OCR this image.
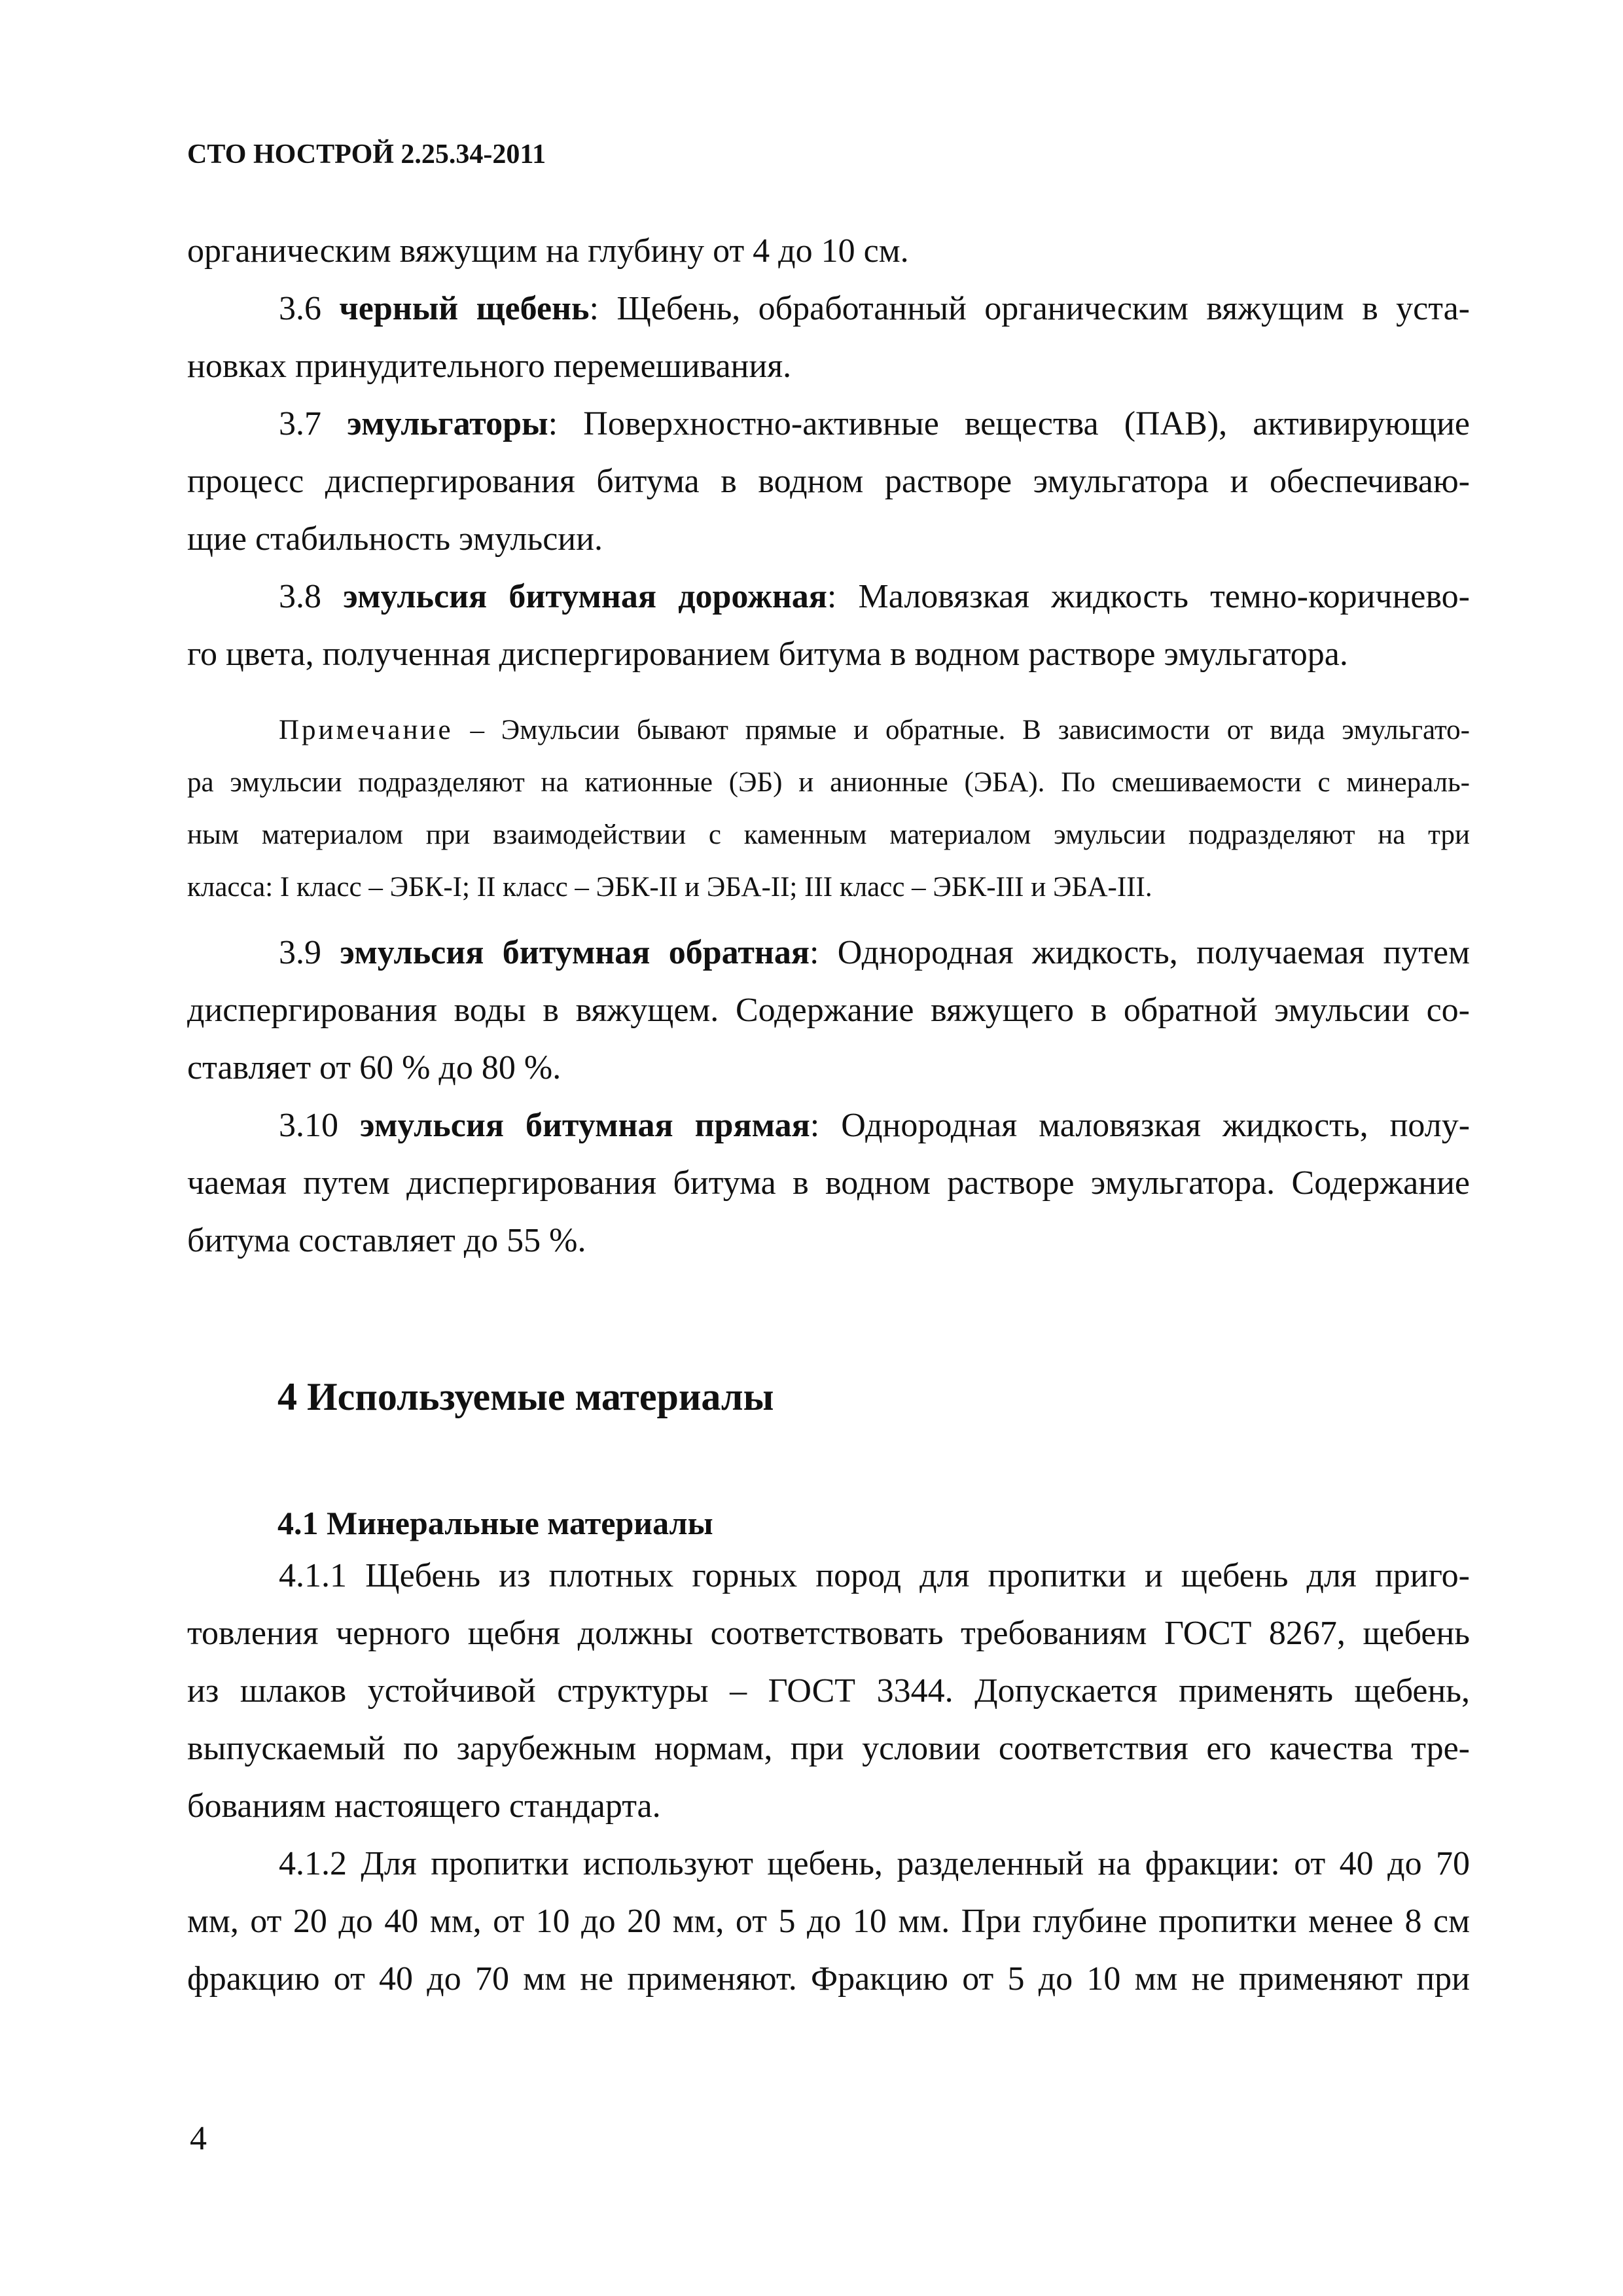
СТО НОСТРОЙ 2.25.34-2011
органическим вяжущим на глубину от 4 до 10 см.
3.6 черный щебень: Щебень, обработанный органическим вяжущим в уста-
новках принудительного перемешивания.
3.7 эмульгаторы: Поверхностно-активные вещества (ПАВ), активирующие
процесс диспергирования битума в водном растворе эмульгатора и обеспечиваю-
щие стабильность эмульсии.
3.8 эмульсия битумная дорожная: Маловязкая жидкость темно-коричнево-
го цвета, полученная диспергированием битума в водном растворе эмульгатора.
Примечание – Эмульсии бывают прямые и обратные. В зависимости от вида эмульгато-
ра эмульсии подразделяют на катионные (ЭБ) и анионные (ЭБА). По смешиваемости с минераль-
ным материалом при взаимодействии с каменным материалом эмульсии подразделяют на три
класса: I класс – ЭБК-I; II класс – ЭБК-II и ЭБА-II; III класс – ЭБК-III и ЭБА-III.
3.9 эмульсия битумная обратная: Однородная жидкость, получаемая путем
диспергирования воды в вяжущем. Содержание вяжущего в обратной эмульсии со-
ставляет от 60 % до 80 %.
3.10 эмульсия битумная прямая: Однородная маловязкая жидкость, полу-
чаемая путем диспергирования битума в водном растворе эмульгатора. Содержание
битума составляет до 55 %.
4 Используемые материалы
4.1 Минеральные материалы
4.1.1 Щебень из плотных горных пород для пропитки и щебень для приго-
товления черного щебня должны соответствовать требованиям ГОСТ 8267, щебень
из шлаков устойчивой структуры – ГОСТ 3344. Допускается применять щебень,
выпускаемый по зарубежным нормам, при условии соответствия его качества тре-
бованиям настоящего стандарта.
4.1.2 Для пропитки используют щебень, разделенный на фракции: от 40 до 70
мм, от 20 до 40 мм, от 10 до 20 мм, от 5 до 10 мм. При глубине пропитки менее 8 см
фракцию от 40 до 70 мм не применяют. Фракцию от 5 до 10 мм не применяют при
4
